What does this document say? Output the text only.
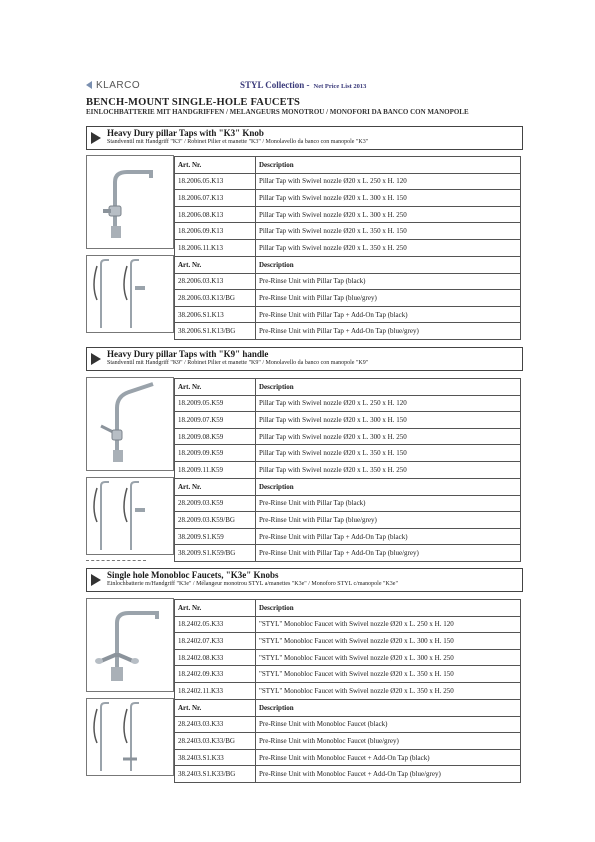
KLARCO	STYL Collection - Net Price List 2013
BENCH-MOUNT SINGLE-HOLE FAUCETS
EINLOCHBATTERIE MIT HANDGRIFFEN / MELANGEURS MONOTROU / MONOFORI DA BANCO CON MANOPOLE
Heavy Dury pillar Taps with "K3" Knob
Standventil mit Handgriff "K3" / Robinet Pilier et manette "K3" / Monolavello da banco con manopole "K3"
Art. Nr.	Description
18.2006.05.K13	Pillar Tap with Swivel nozzle Ø20 x L. 250 x H. 120
18.2006.07.K13	Pillar Tap with Swivel nozzle Ø20 x L. 300 x H. 150
18.2006.08.K13	Pillar Tap with Swivel nozzle Ø20 x L. 300 x H. 250
18.2006.09.K13	Pillar Tap with Swivel nozzle Ø20 x L. 350 x H. 150
18.2006.11.K13	Pillar Tap with Swivel nozzle Ø20 x L. 350 x H. 250
Art. Nr.	Description
28.2006.03.K13	Pre-Rinse Unit with Pillar Tap (black)
28.2006.03.K13/BG	Pre-Rinse Unit with Pillar Tap (blue/grey)
38.2006.S1.K13	Pre-Rinse Unit with Pillar Tap + Add-On Tap (black)
38.2006.S1.K13/BG	Pre-Rinse Unit with Pillar Tap + Add-On Tap (blue/grey)
Heavy Dury pillar Taps with "K9" handle
Standventil mit Handgriff "K9" / Robinet Pilier et manette "K9" / Monolavello da banco con manopole "K9"
Art. Nr.	Description
18.2009.05.K59	Pillar Tap with Swivel nozzle Ø20 x L. 250 x H. 120
18.2009.07.K59	Pillar Tap with Swivel nozzle Ø20 x L. 300 x H. 150
18.2009.08.K59	Pillar Tap with Swivel nozzle Ø20 x L. 300 x H. 250
18.2009.09.K59	Pillar Tap with Swivel nozzle Ø20 x L. 350 x H. 150
18.2009.11.K59	Pillar Tap with Swivel nozzle Ø20 x L. 350 x H. 250
Art. Nr.	Description
28.2009.03.K59	Pre-Rinse Unit with Pillar Tap (black)
28.2009.03.K59/BG	Pre-Rinse Unit with Pillar Tap (blue/grey)
38.2009.S1.K59	Pre-Rinse Unit with Pillar Tap + Add-On Tap (black)
38.2009.S1.K59/BG	Pre-Rinse Unit with Pillar Tap + Add-On Tap (blue/grey)
Single hole Monobloc Faucets, "K3e" Knobs
Einlochbatterie m/Handgriff "K3e" / Mélangeur monotrou STYL a/manettes "K3e" / Monoforo STYL c/manopole "K3e"
Art. Nr.	Description
18.2402.05.K33	"STYL" Monobloc Faucet with Swivel nozzle Ø20 x L. 250 x H. 120
18.2402.07.K33	"STYL" Monobloc Faucet with Swivel nozzle Ø20 x L. 300 x H. 150
18.2402.08.K33	"STYL" Monobloc Faucet with Swivel nozzle Ø20 x L. 300 x H. 250
18.2402.09.K33	"STYL" Monobloc Faucet with Swivel nozzle Ø20 x L. 350 x H. 150
18.2402.11.K33	"STYL" Monobloc Faucet with Swivel nozzle Ø20 x L. 350 x H. 250
Art. Nr.	Description
28.2403.03.K33	Pre-Rinse Unit with Monobloc Faucet (black)
28.2403.03.K33/BG	Pre-Rinse Unit with Monobloc Faucet (blue/grey)
38.2403.S1.K33	Pre-Rinse Unit with Monobloc Faucet + Add-On Tap (black)
38.2403.S1.K33/BG	Pre-Rinse Unit with Monobloc Faucet + Add-On Tap (blue/grey)
